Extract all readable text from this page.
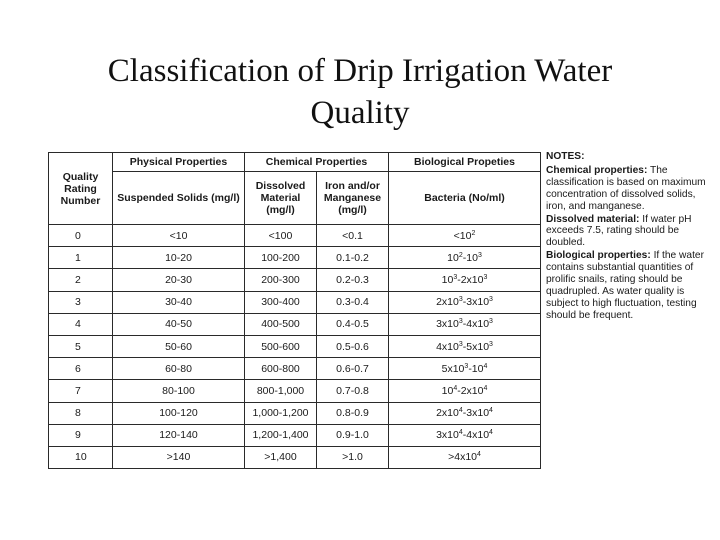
Classification of Drip Irrigation Water
Quality
Quality Rating Number	Physical Properties	Chemical Properties		Biological Propeties
	Suspended Solids (mg/l)	Dissolved Material (mg/l)	Iron and/or Manganese (mg/l)	Bacteria (No/ml)
0	<10	<100	<0.1	$<10^2$
1	10-20	100-200	0.1-0.2	$10^2-10^3$
2	20-30	200-300	0.2-0.3	$10^3-2x10^3$
3	30-40	300-400	0.3-0.4	$2x10^3-3x10^3$
4	40-50	400-500	0.4-0.5	$3x10^3-4x10^3$
5	50-60	500-600	0.5-0.6	$4x10^3-5x10^3$
6	60-80	600-800	0.6-0.7	$5x10^3-10^4$
7	80-100	800-1,000	0.7-0.8	$10^4-2x10^4$
8	100-120	1,000-1,200	0.8-0.9	$2x10^4-3x10^4$
9	120-140	1,200-1,400	0.9-1.0	$3x10^4-4x10^4$
10	>140	>1,400	>1.0	$>4x10^4$
NOTES:

Chemical properties: The classification is based on maximum concentration of dissolved solids, iron, and manganese.

Dissolved material: If water pH exceeds 7.5, rating should be doubled.

Biological properties: If the water contains substantial quantities of prolific snails, rating should be quadrupled. As water quality is subject to high fluctuation, testing should be frequent.
